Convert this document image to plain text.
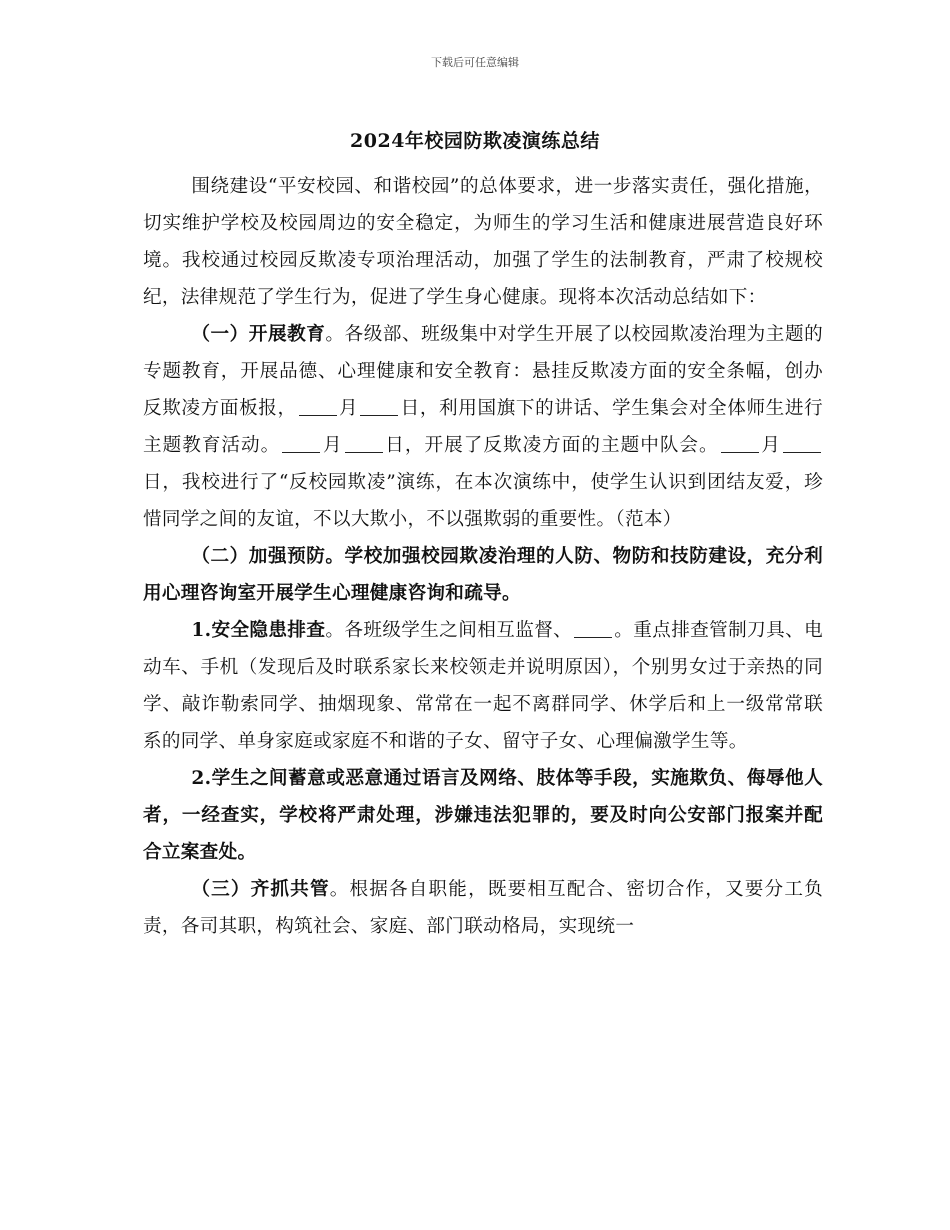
下载后可任意编辑
2024年校园防欺凌演练总结

围绕建设“平安校园、和谐校园”的总体要求，进一步落实责任，强化措施，切实维护学校及校园周边的安全稳定，为师生的学习生活和健康进展营造良好环境。我校通过校园反欺凌专项治理活动，加强了学生的法制教育，严肃了校规校纪，法律规范了学生行为，促进了学生身心健康。现将本次活动总结如下：

（一）开展教育。各级部、班级集中对学生开展了以校园欺凌治理为主题的专题教育，开展品德、心理健康和安全教育：悬挂反欺凌方面的安全条幅，创办反欺凌方面板报， 月 日，利用国旗下的讲话、学生集会对全体师生进行主题教育活动。 月 日，开展了反欺凌方面的主题中队会。 月日，我校进行了“反校园欺凌”演练，在本次演练中，使学生认识到团结友爱，珍惜同学之间的友谊，不以大欺小，不以强欺弱的重要性。（范本）

（二）加强预防。学校加强校园欺凌治理的人防、物防和技防建设，充分利用心理咨询室开展学生心理健康咨询和疏导。

1.安全隐患排查。各班级学生之间相互监督、 。重点排查管制刀具、电动车、手机（发现后及时联系家长来校领走并说明原因），个别男女过于亲热的同学、敲诈勒索同学、抽烟现象、常常在一起不离群同学、休学后和上一级常常联系的同学、单身家庭或家庭不和谐的子女、留守子女、心理偏激学生等。

2.学生之间蓄意或恶意通过语言及网络、肢体等手段，实施欺负、侮辱他人者，一经查实，学校将严肃处理，涉嫌违法犯罪的，要及时向公安部门报案并配合立案查处。

（三）齐抓共管。根据各自职能，既要相互配合、密切合作，又要分工负责，各司其职，构筑社会、家庭、部门联动格局，实现统一
